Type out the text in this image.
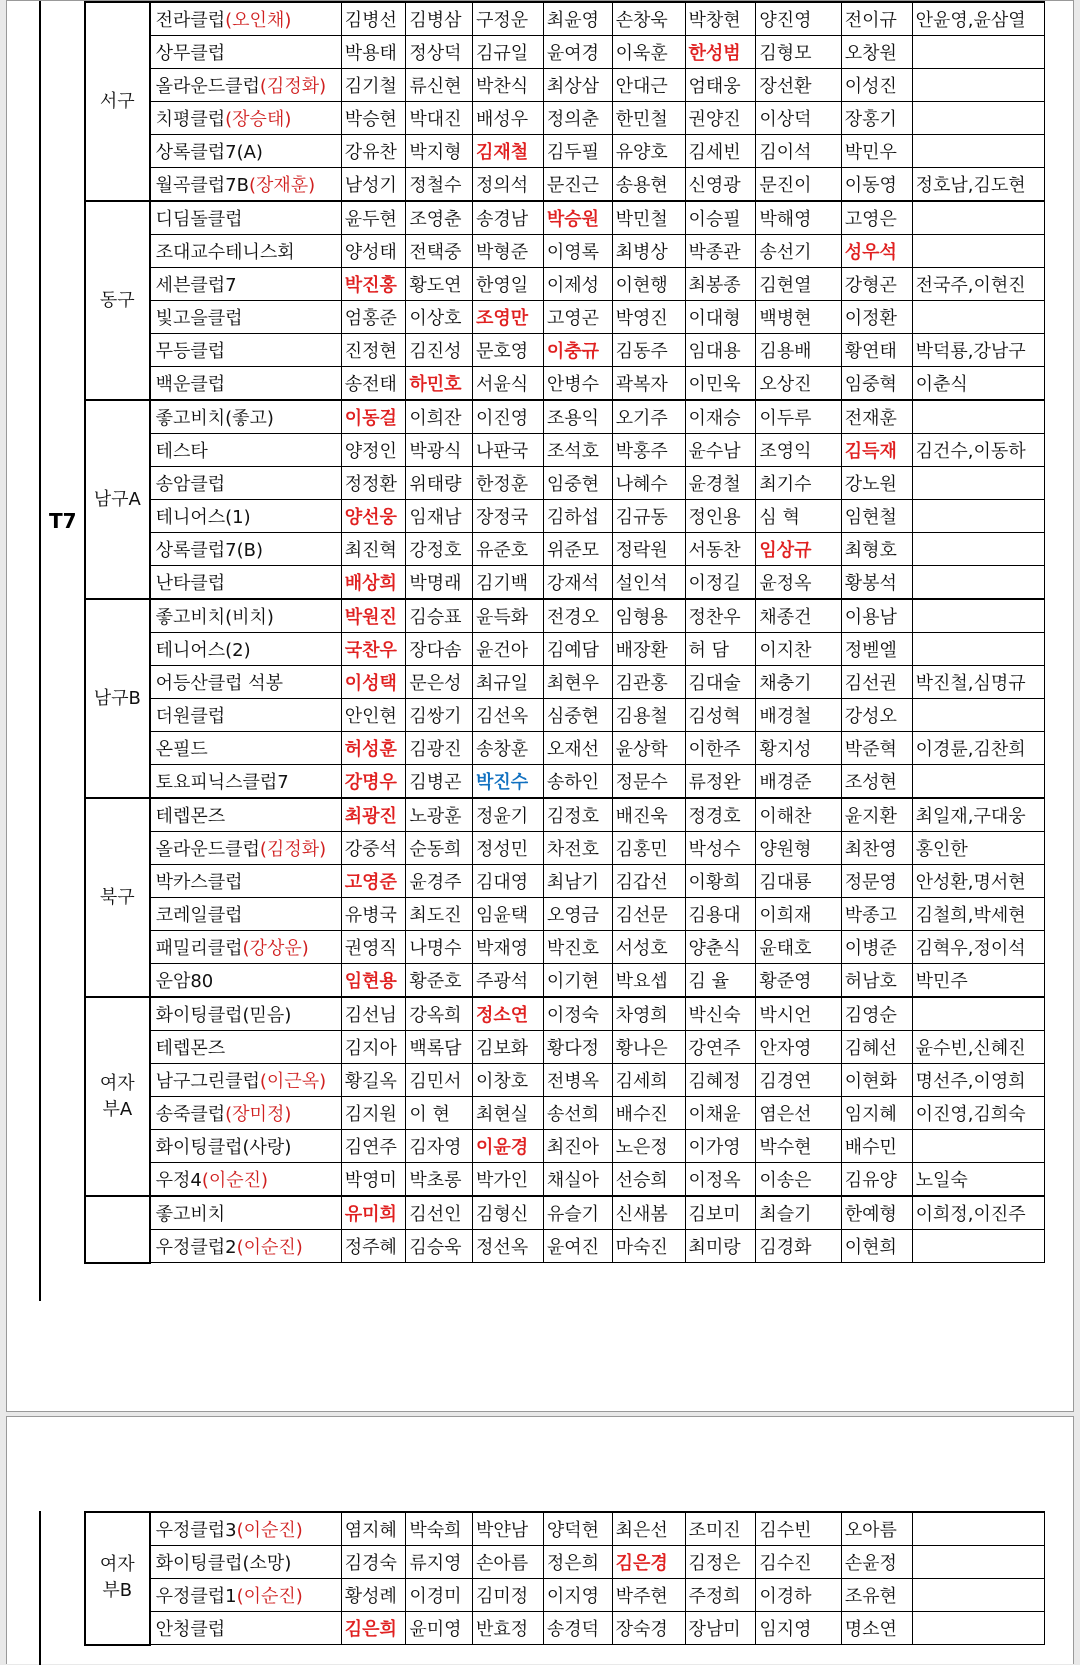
T7
서구	전라클럽(오인채)	김병선	김병삼	구정운	최윤영	손창욱	박창현	양진영	전이규	안윤영,윤삼열
	상무클럽	박용태	정상덕	김규일	윤여경	이욱훈	한성범	김형모	오창원	
	올라운드클럽(김정화)	김기철	류신현	박찬식	최상삼	안대근	엄태웅	장선환	이성진	
	치평클럽(장승태)	박승현	박대진	배성우	정의춘	한민철	권양진	이상덕	장홍기	
	상록클럽7(A)	강유찬	박지형	김재철	김두필	유양호	김세빈	김이석	박민우	
	월곡클럽7B(장재훈)	남성기	정철수	정의석	문진근	송용현	신영광	문진이	이동영	정호남,김도현
동구	디딤돌클럽	윤두현	조영춘	송경남	박승원	박민철	이승필	박해영	고영은	
	조대교수테니스회	양성태	전택중	박형준	이영록	최병상	박종관	송선기	성우석	
	세븐클럽7	박진홍	황도연	한영일	이제성	이현행	최봉종	김현열	강형곤	전국주,이현진
	빛고을클럽	엄홍준	이상호	조영만	고영곤	박영진	이대형	백병현	이정환	
	무등클럽	진정현	김진성	문호영	이충규	김동주	임대용	김용배	황연태	박덕룡,강남구
	백운클럽	송전태	하민호	서윤식	안병수	곽복자	이민욱	오상진	임중혁	이춘식
남구A	좋고비치(좋고)	이동걸	이희잔	이진영	조용익	오기주	이재승	이두루	전재훈	
	테스타	양정인	박광식	나판국	조석호	박홍주	윤수남	조영익	김득재	김건수,이동하
	송암클럽	정정환	위태량	한정훈	임중현	나혜수	윤경철	최기수	강노원	
	테니어스(1)	양선웅	임재남	장정국	김하섭	김규동	정인용	심 혁	임현철	
	상록클럽7(B)	최진혁	강정호	유준호	위준모	정락원	서동찬	임상규	최형호	
	난타클럽	배상희	박명래	김기백	강재석	설인석	이정길	윤정옥	황봉석	
남구B	좋고비치(비치)	박원진	김승표	윤득화	전경오	임형용	정찬우	채종건	이용남	
	테니어스(2)	국찬우	장다솜	윤건아	김예담	배장환	허 담	이지찬	정벧엘	
	어등산클럽 석봉	이성택	문은성	최규일	최현우	김관홍	김대술	채충기	김선권	박진철,심명규
	더원클럽	안인현	김쌍기	김선옥	심중현	김용철	김성혁	배경철	강성오	
	온필드	허성훈	김광진	송창훈	오재선	윤상학	이한주	황지성	박준혁	이경륜,김찬희
	토요피닉스클럽7	강명우	김병곤	박진수	송하인	정문수	류정완	배경준	조성현	
북구	테렙몬즈	최광진	노광훈	정윤기	김정호	배진욱	정경호	이해찬	윤지환	최일재,구대웅
	올라운드클럽(김정화)	강중석	순동희	정성민	차전호	김홍민	박성수	양원형	최찬영	홍인한
	박카스클럽	고영준	윤경주	김대영	최남기	김갑선	이황희	김대룡	정문영	안성환,명서현
	코레일클럽	유병국	최도진	임윤택	오영금	김선문	김용대	이희재	박종고	김철희,박세현
	패밀리클럽(강상운)	권영직	나명수	박재영	박진호	서성호	양춘식	윤태호	이병준	김혁우,정이석
	운암80	임현용	황준호	주광석	이기현	박요셉	김 율	황준영	허남호	박민주
여자
부A	화이팅클럽(믿음)	김선님	강옥희	정소연	이정숙	차영희	박신숙	박시언	김영순	
	테렙몬즈	김지아	백록담	김보화	황다정	황나은	강연주	안자영	김혜선	윤수빈,신혜진
	남구그린클럽(이근옥)	황길옥	김민서	이창호	전병옥	김세희	김혜정	김경연	이현화	명선주,이영희
	송죽클럽(장미정)	김지원	이 현	최현실	송선희	배수진	이채윤	염은선	임지혜	이진영,김희숙
	화이팅클럽(사랑)	김연주	김자영	이윤경	최진아	노은정	이가영	박수현	배수민	
	우정4(이순진)	박영미	박초롱	박가인	채실아	선승희	이정옥	이송은	김유양	노일숙
	좋고비치	유미희	김선인	김형신	유슬기	신새봄	김보미	최슬기	한예형	이희정,이진주
	우정클럽2(이순진)	정주혜	김승욱	정선옥	윤여진	마숙진	최미랑	김경화	이현희	
여자
부B	우정클럽3(이순진)	염지혜	박숙희	박얀남	양덕현	최은선	조미진	김수빈	오아름	
	화이팅클럽(소망)	김경숙	류지영	손아름	정은희	김은경	김정은	김수진	손윤정	
	우정클럽1(이순진)	황성례	이경미	김미정	이지영	박주현	주정희	이경하	조유현	
	안청클럽	김은희	윤미영	반효정	송경덕	장숙경	장남미	임지영	명소연	
